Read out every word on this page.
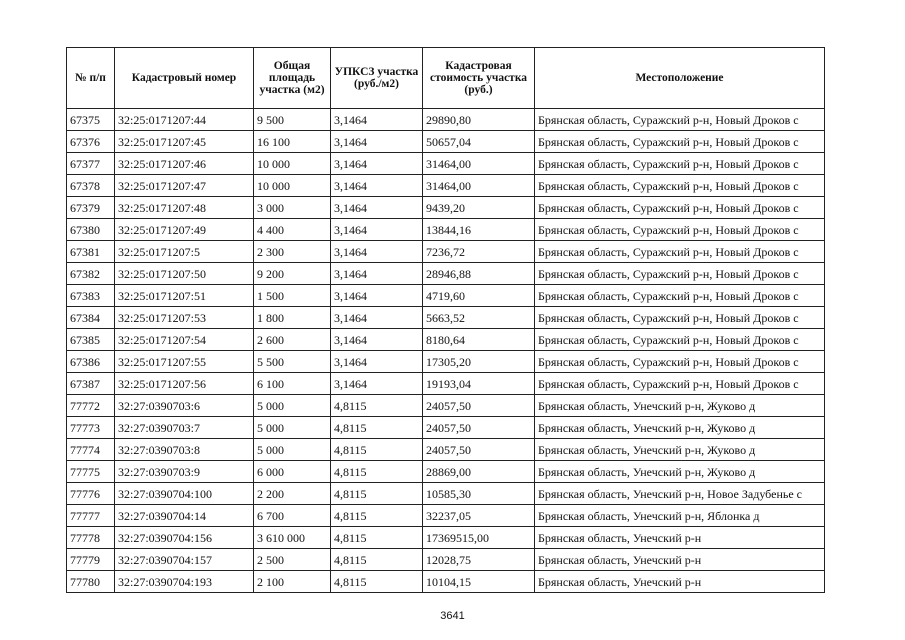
№ п/п	Кадастровый номер	Общая площадь участка (м2)	УПКСЗ участка (руб./м2)	Кадастровая стоимость участка (руб.)	Местоположение
67375	32:25:0171207:44	9 500	3,1464	29890,80	Брянская область, Суражский р-н, Новый Дроков с
67376	32:25:0171207:45	16 100	3,1464	50657,04	Брянская область, Суражский р-н, Новый Дроков с
67377	32:25:0171207:46	10 000	3,1464	31464,00	Брянская область, Суражский р-н, Новый Дроков с
67378	32:25:0171207:47	10 000	3,1464	31464,00	Брянская область, Суражский р-н, Новый Дроков с
67379	32:25:0171207:48	3 000	3,1464	9439,20	Брянская область, Суражский р-н, Новый Дроков с
67380	32:25:0171207:49	4 400	3,1464	13844,16	Брянская область, Суражский р-н, Новый Дроков с
67381	32:25:0171207:5	2 300	3,1464	7236,72	Брянская область, Суражский р-н, Новый Дроков с
67382	32:25:0171207:50	9 200	3,1464	28946,88	Брянская область, Суражский р-н, Новый Дроков с
67383	32:25:0171207:51	1 500	3,1464	4719,60	Брянская область, Суражский р-н, Новый Дроков с
67384	32:25:0171207:53	1 800	3,1464	5663,52	Брянская область, Суражский р-н, Новый Дроков с
67385	32:25:0171207:54	2 600	3,1464	8180,64	Брянская область, Суражский р-н, Новый Дроков с
67386	32:25:0171207:55	5 500	3,1464	17305,20	Брянская область, Суражский р-н, Новый Дроков с
67387	32:25:0171207:56	6 100	3,1464	19193,04	Брянская область, Суражский р-н, Новый Дроков с
77772	32:27:0390703:6	5 000	4,8115	24057,50	Брянская область, Унечский р-н, Жуково д
77773	32:27:0390703:7	5 000	4,8115	24057,50	Брянская область, Унечский р-н, Жуково д
77774	32:27:0390703:8	5 000	4,8115	24057,50	Брянская область, Унечский р-н, Жуково д
77775	32:27:0390703:9	6 000	4,8115	28869,00	Брянская область, Унечский р-н, Жуково д
77776	32:27:0390704:100	2 200	4,8115	10585,30	Брянская область, Унечский р-н, Новое Задубенье с
77777	32:27:0390704:14	6 700	4,8115	32237,05	Брянская область, Унечский р-н, Яблонка д
77778	32:27:0390704:156	3 610 000	4,8115	17369515,00	Брянская область, Унечский р-н
77779	32:27:0390704:157	2 500	4,8115	12028,75	Брянская область, Унечский р-н
77780	32:27:0390704:193	2 100	4,8115	10104,15	Брянская область, Унечский р-н
3641
